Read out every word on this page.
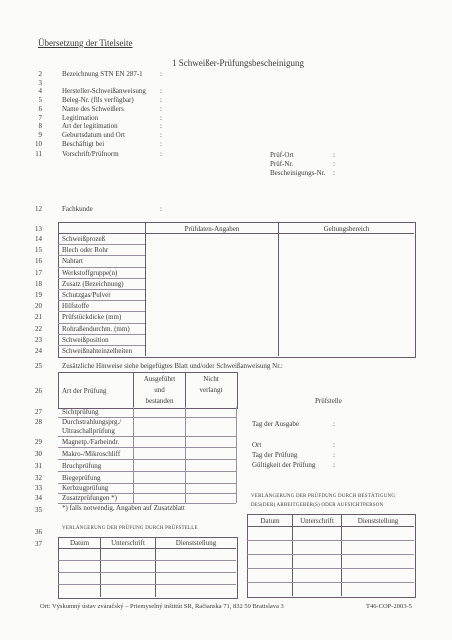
Übersetzung der Titelseite
1 Schweißer-Prüfungsbescheinigung
2	Bezeichnung STN EN 287-1 :
3
4	Hersteller-Schweißanweisung :
5	Beleg-Nr. (flls verfügbar)	:
6	Name des Schweißers	:
7	Legitimation	:
8	Art der legitimation	:
9	Geburtsdatum und Ort	:
10	Beschäftigt bei	:
11	Vorschrift/Prüfnorm	:	Prüf-Ort	:
Prüf-Nr.	:
Bescheinigungs-Nr. :
12	Fachkunde	:
13	Prüfdaten-Angaben	Geltungsbereich
14	Schweißprozeß
15	Blech oder Rohr
16	Nahtart
17	Werkstoffgruppe(n)
18	Zusatz (Bezeichnung)
19	Schutzgas/Pulver
20	Hilfstoffe
21	Prüfstückdicke (mm)
22	Rohraßendurchm. (mm)
23	Schweißposition
24	Schweißnahteinzelheiten
25	Zusätzliche Hinweise siehe beigefügtes Blatt und/oder Schweißanweisung Nr.:
26	Art der Prüfung
Ausgeführt
und
bestanden
Nicht
verlangt
27	Sichtprüfung
28	Durchstrahlungsprg./
Ultraschallprüfung
29	Magnetp./Farbeindr.
30	Makro-/Mikroschliff
31	Bruchprüfung
32	Biegeprüfung
33	Kerbzugprüfung
34	Zusatzprüfungen *)
Prüfstelle
Tag der Ausgabe	:
Ort	:
Tag der Prüfung	:
Gültigkeit der Prüfung	:
35	*) falls notwendig, Angaben auf Zusatzblatt
VERLÄNGERUNG DER PRÜFDUNG DURCH BESTÄTIGUNG
DES(DER) ARBEITGEBER(S) ODER AUFSICHTPERSON
Datum	Unterschrift	Dienststellung
36	VERLÄNGERUNG DER PRÜFUNG DURCH PRÜFSTELLE
37	Datum	Unterschrift	Dienststellung
Ort: Výskumný ústav zváračský – Priemyselný inštitút SR, Račianska 71, 832 59 Bratislava 3	T46-COP-2003-5
